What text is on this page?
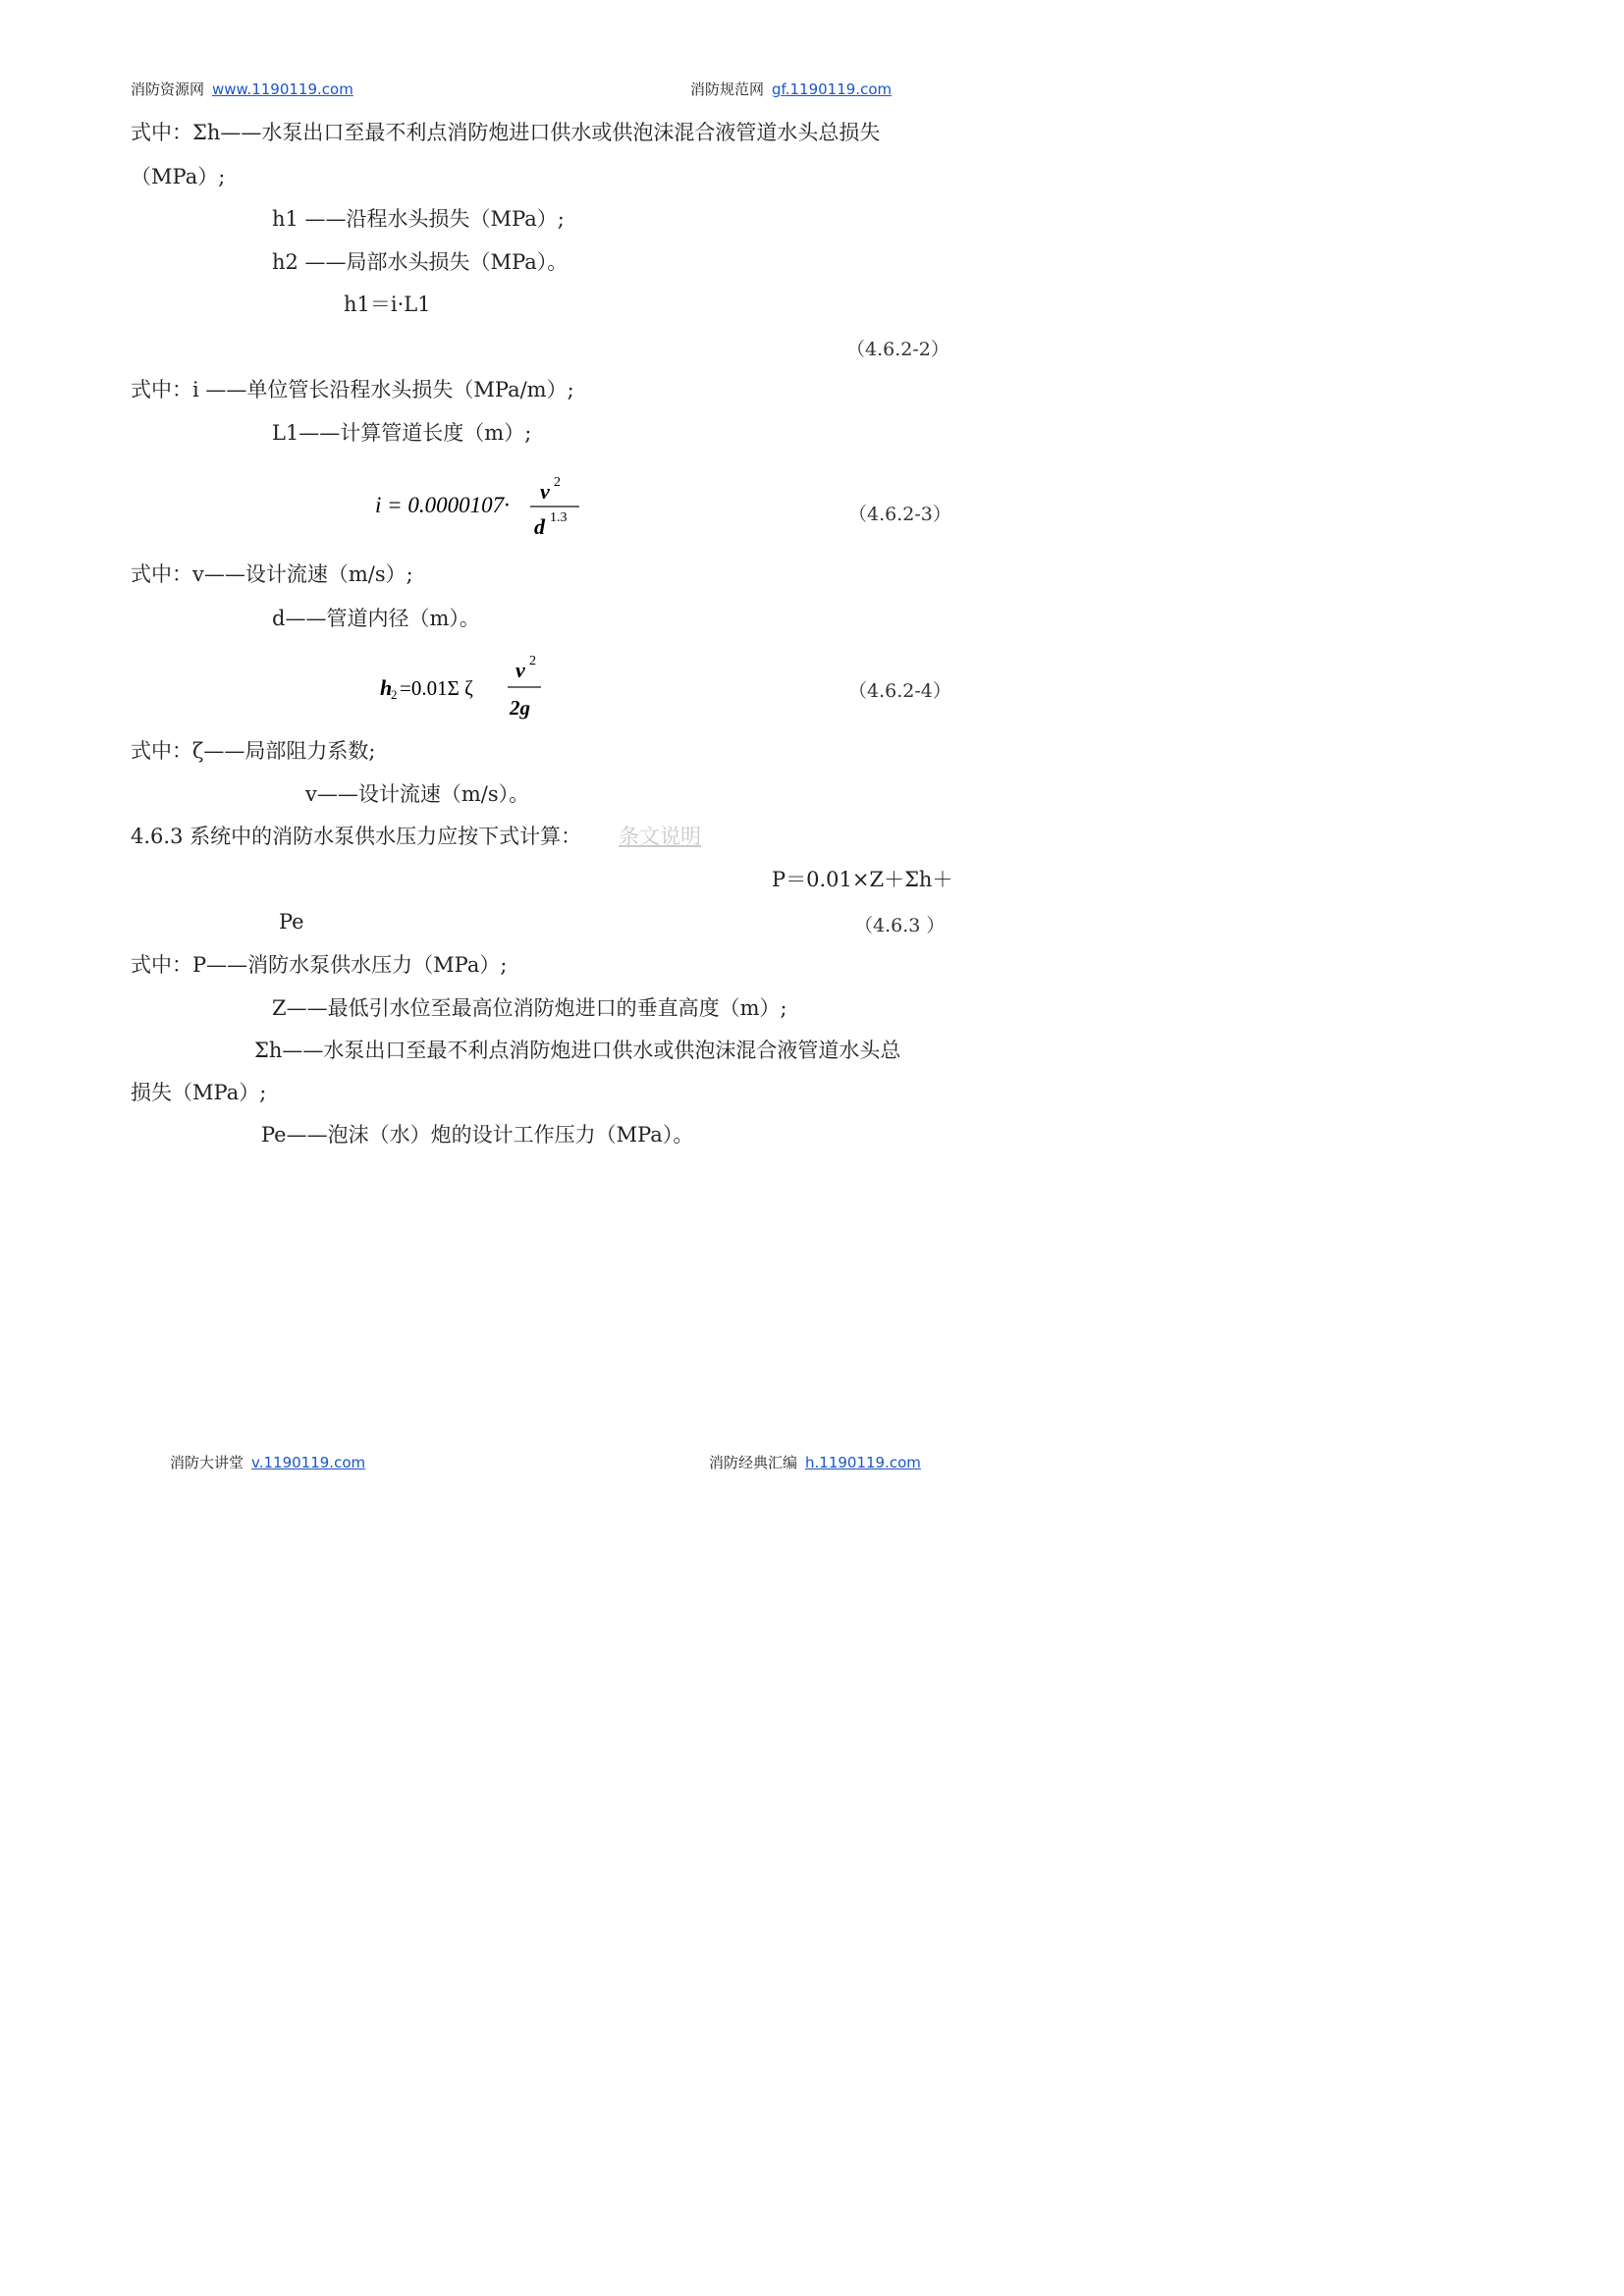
消防资源网 www.1190119.com	消防规范网 gf.1190119.com
式中：Σh——水泵出口至最不利点消防炮进口供水或供泡沫混合液管道水头总损失
（MPa）;
h1 ——沿程水头损失（MPa）;
h2 ——局部水头损失（MPa）。
h1＝i·L1
（4.6.2-2）
式中：i ——单位管长沿程水头损失（MPa/m）;
L1——计算管道长度（m）;
i = 0.0000107·
v 2
d 1.3	（4.6.2-3）
式中：v——设计流速（m/s）;
d——管道内径（m）。
h
2 =0.01Σ ζ
v 2
2g
（4.6.2-4）
式中：ζ——局部阻力系数;
v——设计流速（m/s）。
4.6.3 系统中的消防水泵供水压力应按下式计算： 条文说明
P＝0.01×Z＋Σh＋
Pe	（4.6.3 ）
式中：P——消防水泵供水压力（MPa）;
Z——最低引水位至最高位消防炮进口的垂直高度（m）;
Σh——水泵出口至最不利点消防炮进口供水或供泡沫混合液管道水头总
损失（MPa）;
Pe——泡沫（水）炮的设计工作压力（MPa）。
消防大讲堂 v.1190119.com	消防经典汇编 h.1190119.com
